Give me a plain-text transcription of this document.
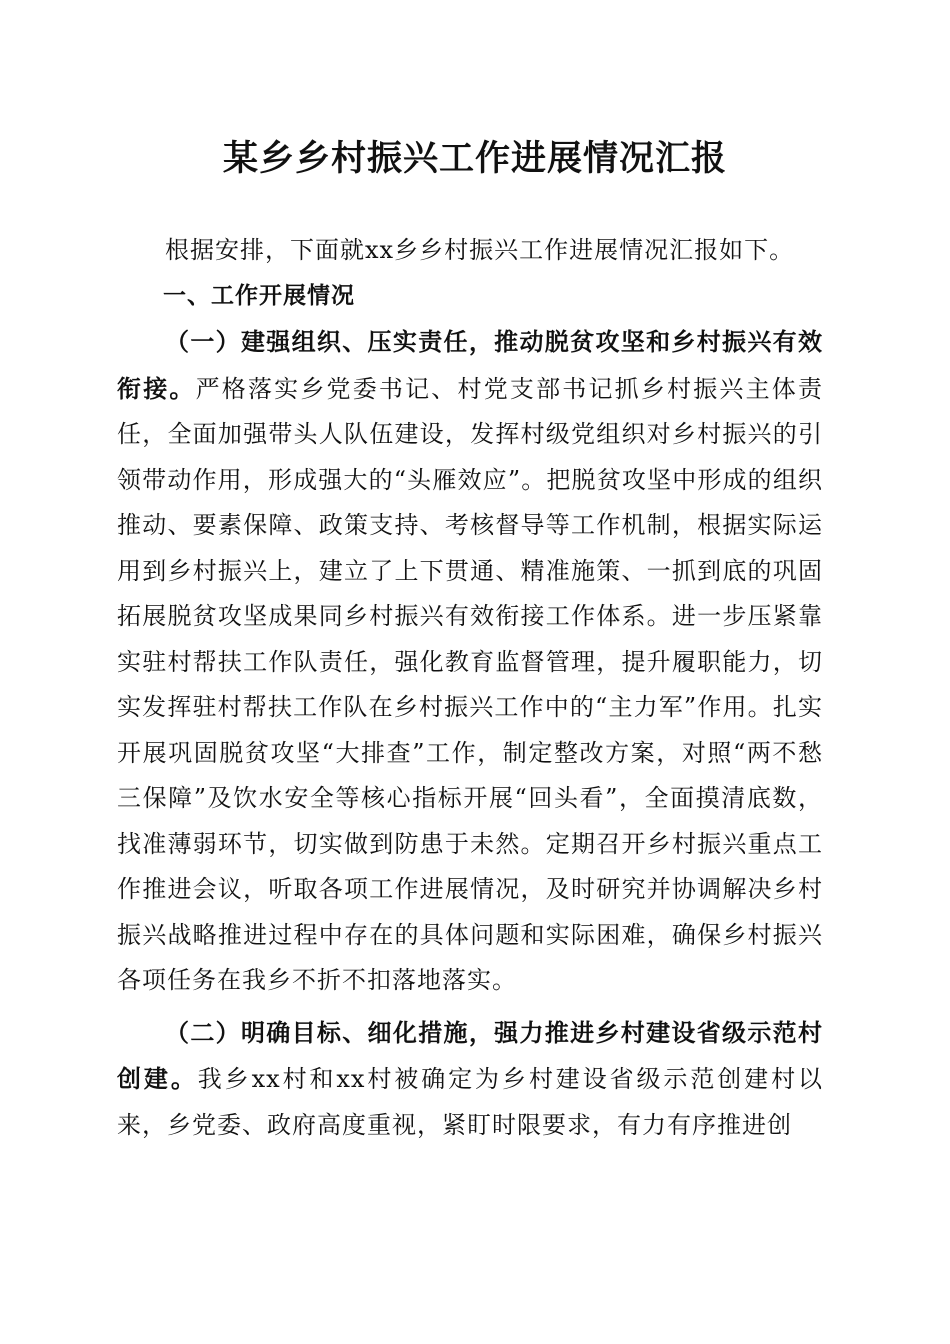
某乡乡村振兴工作进展情况汇报

根据安排，下面就xx乡乡村振兴工作进展情况汇报如下。

一、工作开展情况

（一）建强组织、压实责任，推动脱贫攻坚和乡村振兴有效衔接。严格落实乡党委书记、村党支部书记抓乡村振兴主体责任，全面加强带头人队伍建设，发挥村级党组织对乡村振兴的引领带动作用，形成强大的“头雁效应”。把脱贫攻坚中形成的组织推动、要素保障、政策支持、考核督导等工作机制，根据实际运用到乡村振兴上，建立了上下贯通、精准施策、一抓到底的巩固拓展脱贫攻坚成果同乡村振兴有效衔接工作体系。进一步压紧靠实驻村帮扶工作队责任，强化教育监督管理，提升履职能力，切实发挥驻村帮扶工作队在乡村振兴工作中的“主力军”作用。扎实开展巩固脱贫攻坚“大排查”工作，制定整改方案，对照“两不愁三保障”及饮水安全等核心指标开展“回头看”，全面摸清底数，找准薄弱环节，切实做到防患于未然。定期召开乡村振兴重点工作推进会议，听取各项工作进展情况，及时研究并协调解决乡村振兴战略推进过程中存在的具体问题和实际困难，确保乡村振兴各项任务在我乡不折不扣落地落实。

（二）明确目标、细化措施，强力推进乡村建设省级示范村创建。我乡xx村和xx村被确定为乡村建设省级示范创建村以来，乡党委、政府高度重视，紧盯时限要求，有力有序推进创
